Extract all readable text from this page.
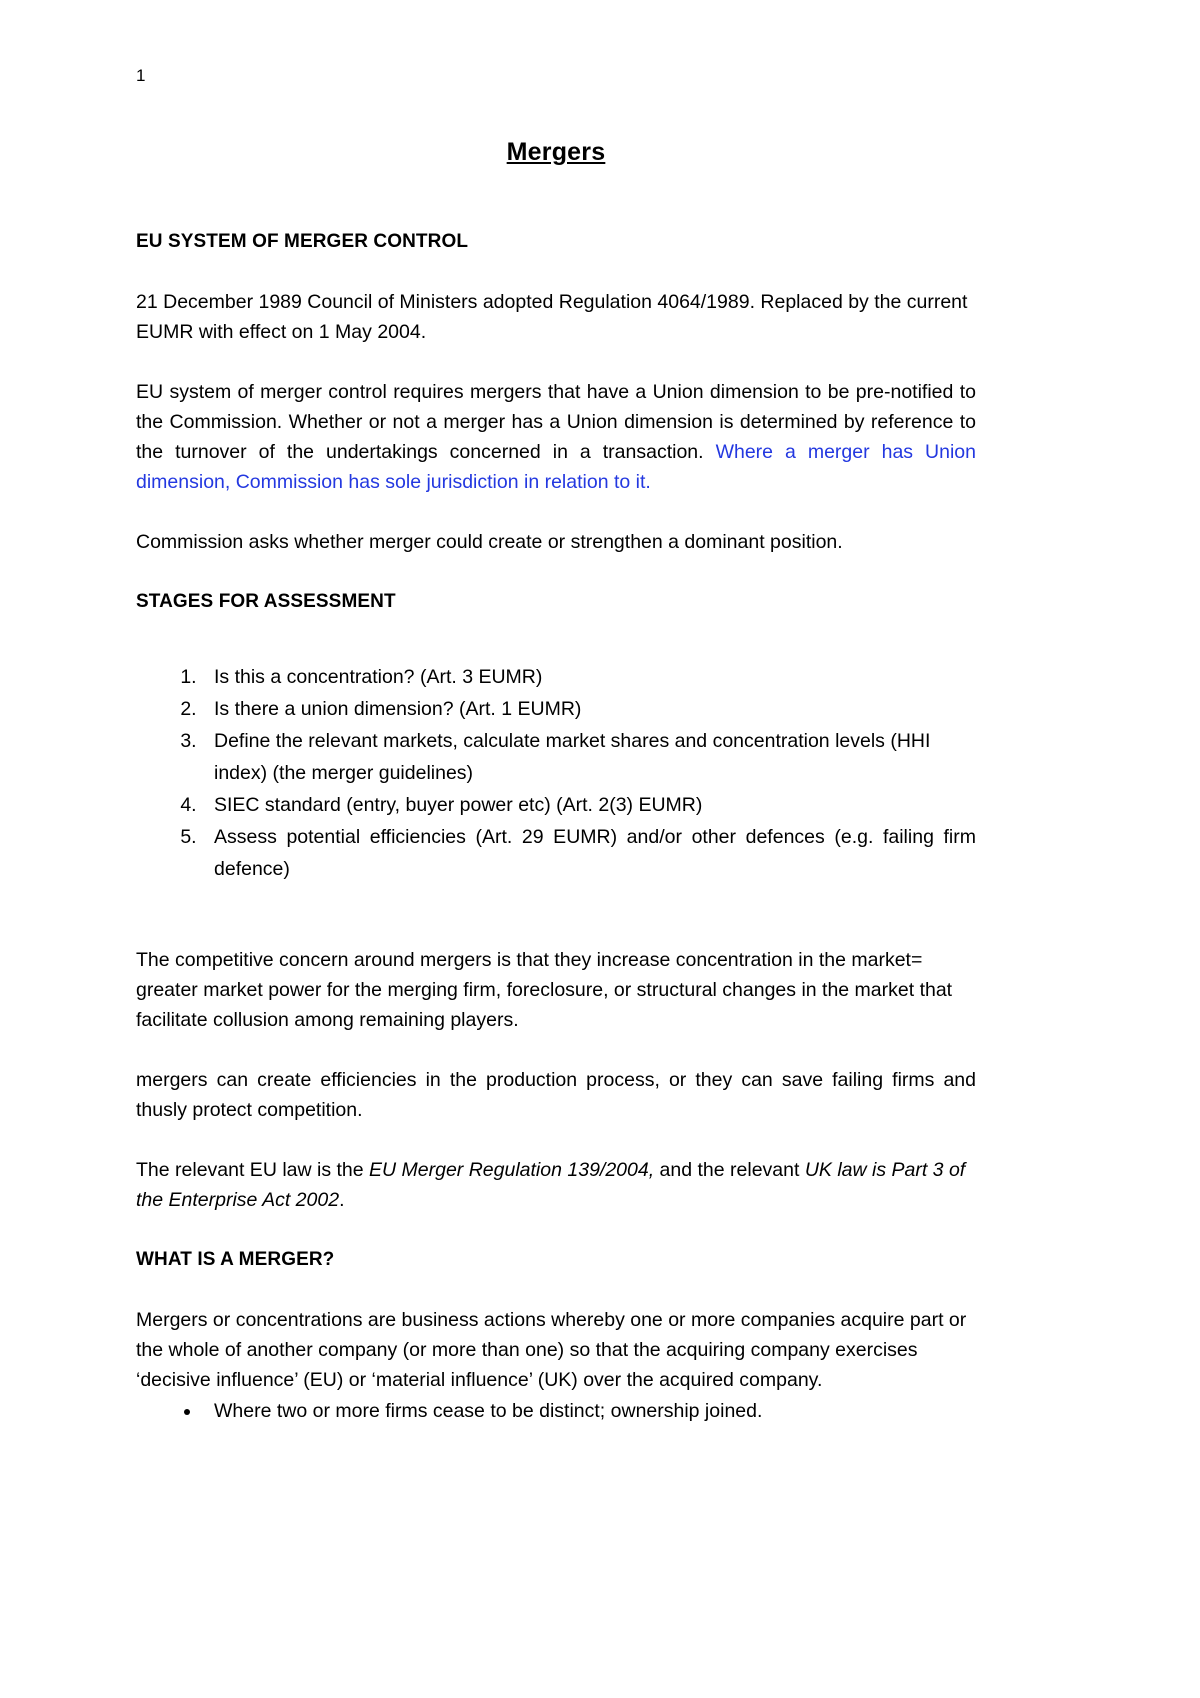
1
Mergers
EU SYSTEM OF MERGER CONTROL

21 December 1989 Council of Ministers adopted Regulation 4064/1989. Replaced by the current EUMR with effect on 1 May 2004.

EU system of merger control requires mergers that have a Union dimension to be pre-notified to the Commission. Whether or not a merger has a Union dimension is determined by reference to the turnover of the undertakings concerned in a transaction. Where a merger has Union dimension, Commission has sole jurisdiction in relation to it.

Commission asks whether merger could create or strengthen a dominant position.

STAGES FOR ASSESSMENT
1. Is this a concentration? (Art. 3 EUMR)
2. Is there a union dimension? (Art. 1 EUMR)
3. Define the relevant markets, calculate market shares and concentration levels (HHI index) (the merger guidelines)
4. SIEC standard (entry, buyer power etc) (Art. 2(3) EUMR)
5. Assess potential efficiencies (Art. 29 EUMR) and/or other defences (e.g. failing firm defence)

The competitive concern around mergers is that they increase concentration in the market= greater market power for the merging firm, foreclosure, or structural changes in the market that facilitate collusion among remaining players.

mergers can create efficiencies in the production process, or they can save failing firms and thusly protect competition.

The relevant EU law is the EU Merger Regulation 139/2004, and the relevant UK law is Part 3 of the Enterprise Act 2002.

WHAT IS A MERGER?

Mergers or concentrations are business actions whereby one or more companies acquire part or the whole of another company (or more than one) so that the acquiring company exercises ‘decisive influence’ (EU) or ‘material influence’ (UK) over the acquired company.

• Where two or more firms cease to be distinct; ownership joined.
